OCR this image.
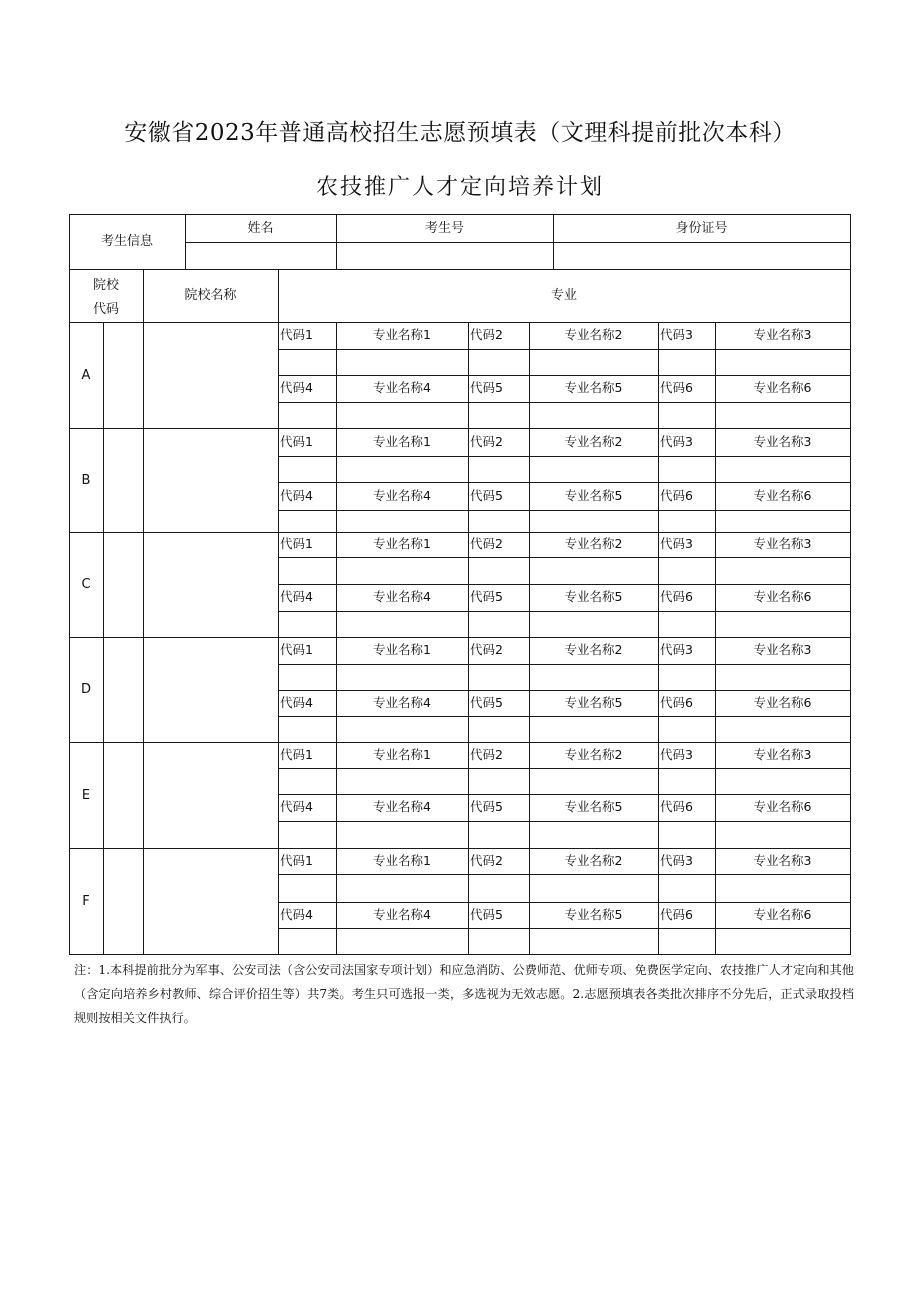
安徽省2023年普通高校招生志愿预填表（文理科提前批次本科）
农技推广人才定向培养计划
考生信息
姓名	考生号	身份证号
院校
代码
院校名称	专业
A
代码1	专业名称1	代码2	专业名称2	代码3	专业名称3
代码4	专业名称4	代码5	专业名称5	代码6	专业名称6
B
代码1	专业名称1	代码2	专业名称2	代码3	专业名称3
代码4	专业名称4	代码5	专业名称5	代码6	专业名称6
C
代码1	专业名称1	代码2	专业名称2	代码3	专业名称3
代码4	专业名称4	代码5	专业名称5	代码6	专业名称6
D
代码1	专业名称1	代码2	专业名称2	代码3	专业名称3
代码4	专业名称4	代码5	专业名称5	代码6	专业名称6
E
代码1	专业名称1	代码2	专业名称2	代码3	专业名称3
代码4	专业名称4	代码5	专业名称5	代码6	专业名称6
F
代码1	专业名称1	代码2	专业名称2	代码3	专业名称3
代码4	专业名称4	代码5	专业名称5	代码6	专业名称6
注：1.本科提前批分为军事、公安司法（含公安司法国家专项计划）和应急消防、公费师范、优师专项、免费医学定向、农技推广人才定向和其他（含定向培养乡村教师、综合评价招生等）共7类。考生只可选报一类，多选视为无效志愿。2.志愿预填表各类批次排序不分先后，正式录取投档规则按相关文件执行。
